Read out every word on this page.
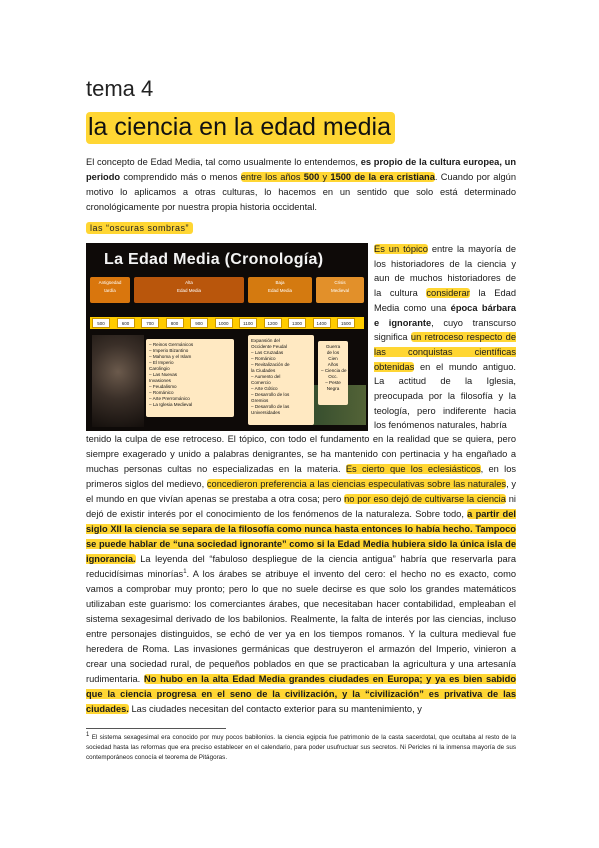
tema 4
la ciencia en la edad media

El concepto de Edad Media, tal como usualmente lo entendemos, es propio de la cultura europea, un periodo comprendido más o menos entre los años 500 y 1500 de la era cristiana. Cuando por algún motivo lo aplicamos a otras culturas, lo hacemos en un sentido que solo está determinado cronológicamente por nuestra propia historia occidental.

las “oscuras sombras”
La Edad Media (Cronología)
Antigüedad
tardía
Alta
Edad Media
Baja
Edad Media
Crisis
Medieval
500	600	700	800	900	1000	1100	1200	1300	1400	1500
– Reinos Germánicos
– Imperio Bizantino
– Mahoma y el Islam
– El Imperio
Carolingio
– Las Nuevas
Invasiones
– Feudalismo
– Románico
– Arte Prerrománico
– La Iglesia Medieval
Expansión del
Occidente Feudal
– Las Cruzadas
– Románico
– Revitalización de
la Ciudades
– Aumento del
Comercio
– Arte Gótico
– Desarrollo de los
Gremios
– Desarrollo de las
Universidades
Guerra
de los
Cien
Años
– Ciencia de
Occ.
– Peste
Negra

Es un tópico entre la mayoría de los historiadores de la ciencia y aun de muchos historiadores de la cultura considerar la Edad Media como una época bárbara e ignorante, cuyo transcurso significa un retroceso respecto de las conquistas científicas obtenidas en el mundo antiguo. La actitud de la Iglesia, preocupada por la filosofía y la teología, pero indiferente hacia los fenómenos naturales, habría

tenido la culpa de ese retroceso. El tópico, con todo el fundamento en la realidad que se quiera, pero siempre exagerado y unido a palabras denigrantes, se ha mantenido con pertinacia y ha engañado a muchas personas cultas no especializadas en la materia. Es cierto que los eclesiásticos, en los primeros siglos del medievo, concedieron preferencia a las ciencias especulativas sobre las naturales, y el mundo en que vivían apenas se prestaba a otra cosa; pero no por eso dejó de cultivarse la ciencia ni dejó de existir interés por el conocimiento de los fenómenos de la naturaleza. Sobre todo, a partir del siglo XII la ciencia se separa de la filosofía como nunca hasta entonces lo había hecho. Tampoco se puede hablar de “una sociedad ignorante” como si la Edad Media hubiera sido la única isla de ignorancia. La leyenda del “fabuloso despliegue de la ciencia antigua” habría que reservarla para reducidísimas minorías$^1$. A los árabes se atribuye el invento del cero: el hecho no es exacto, como vamos a comprobar muy pronto; pero lo que no suele decirse es que solo los grandes matemáticos utilizaban este guarismo: los comerciantes árabes, que necesitaban hacer contabilidad, empleaban el sistema sexagesimal derivado de los babilonios. Realmente, la falta de interés por las ciencias, incluso entre personajes distinguidos, se echó de ver ya en los tiempos romanos. Y la cultura medieval fue heredera de Roma. Las invasiones germánicas que destruyeron el armazón del Imperio, vinieron a crear una sociedad rural, de pequeños poblados en que se practicaban la agricultura y una artesanía rudimentaria. No hubo en la alta Edad Media grandes ciudades en Europa; y ya es bien sabido que la ciencia progresa en el seno de la civilización, y la “civilización” es privativa de las ciudades. Las ciudades necesitan del contacto exterior para su mantenimiento, y

$^1$ El sistema sexagesimal era conocido por muy pocos babilonios. la ciencia egipcia fue patrimonio de la casta sacerdotal, que ocultaba al resto de la sociedad hasta las reformas que era preciso establecer en el calendario, para poder usufructuar sus secretos. Ni Pericles ni la inmensa mayoría de sus contemporáneos conocía el teorema de Pitágoras.
